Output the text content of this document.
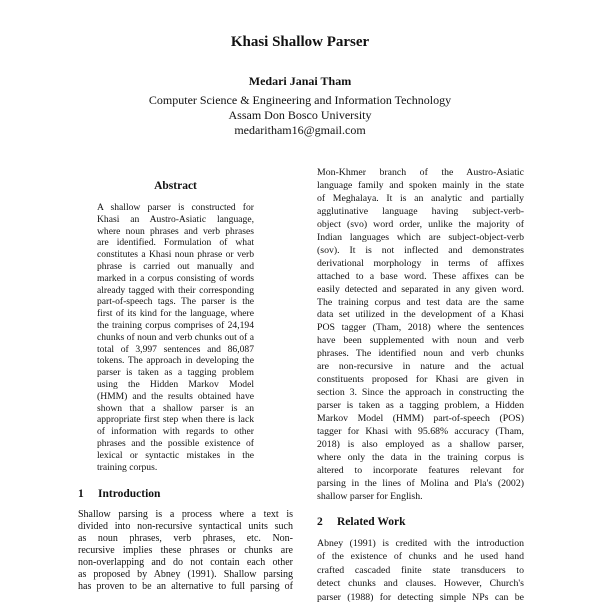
Khasi Shallow Parser
Medari Janai Tham
Computer Science & Engineering and Information Technology
Assam Don Bosco University
medaritham16@gmail.com
Abstract
A shallow parser is constructed for
Khasi an Austro-Asiatic language,
where noun phrases and verb phrases
are identified. Formulation of what
constitutes a Khasi noun phrase or verb
phrase is carried out manually and
marked in a corpus consisting of words
already tagged with their corresponding
part-of-speech tags. The parser is the
first of its kind for the language, where
the training corpus comprises of 24,194
chunks of noun and verb chunks out of a
total of 3,997 sentences and 86,087
tokens. The approach in developing the
parser is taken as a tagging problem
using the Hidden Markov Model
(HMM) and the results obtained have
shown that a shallow parser is an
appropriate first step when there is lack
of information with regards to other
phrases and the possible existence of
lexical or syntactic mistakes in the
training corpus.
1 Introduction
Shallow parsing is a process where a text is
divided into non-recursive syntactical units such
as noun phrases, verb phrases, etc. Non-
recursive implies these phrases or chunks are
non-overlapping and do not contain each other
as proposed by Abney (1991). Shallow parsing
has proven to be an alternative to full parsing of
Mon-Khmer branch of the Austro-Asiatic
language family and spoken mainly in the state
of Meghalaya. It is an analytic and partially
agglutinative language having subject-verb-
object (svo) word order, unlike the majority of
Indian languages which are subject-object-verb
(sov). It is not inflected and demonstrates
derivational morphology in terms of affixes
attached to a base word. These affixes can be
easily detected and separated in any given word.
The training corpus and test data are the same
data set utilized in the development of a Khasi
POS tagger (Tham, 2018) where the sentences
have been supplemented with noun and verb
phrases. The identified noun and verb chunks
are non-recursive in nature and the actual
constituents proposed for Khasi are given in
section 3. Since the approach in constructing the
parser is taken as a tagging problem, a Hidden
Markov Model (HMM) part-of-speech (POS)
tagger for Khasi with 95.68% accuracy (Tham,
2018) is also employed as a shallow parser,
where only the data in the training corpus is
altered to incorporate features relevant for
parsing in the lines of Molina and Pla's (2002)
shallow parser for English.
2 Related Work
Abney (1991) is credited with the introduction
of the existence of chunks and he used hand
crafted cascaded finite state transducers to
detect chunks and clauses. However, Church's
parser (1988) for detecting simple NPs can be
